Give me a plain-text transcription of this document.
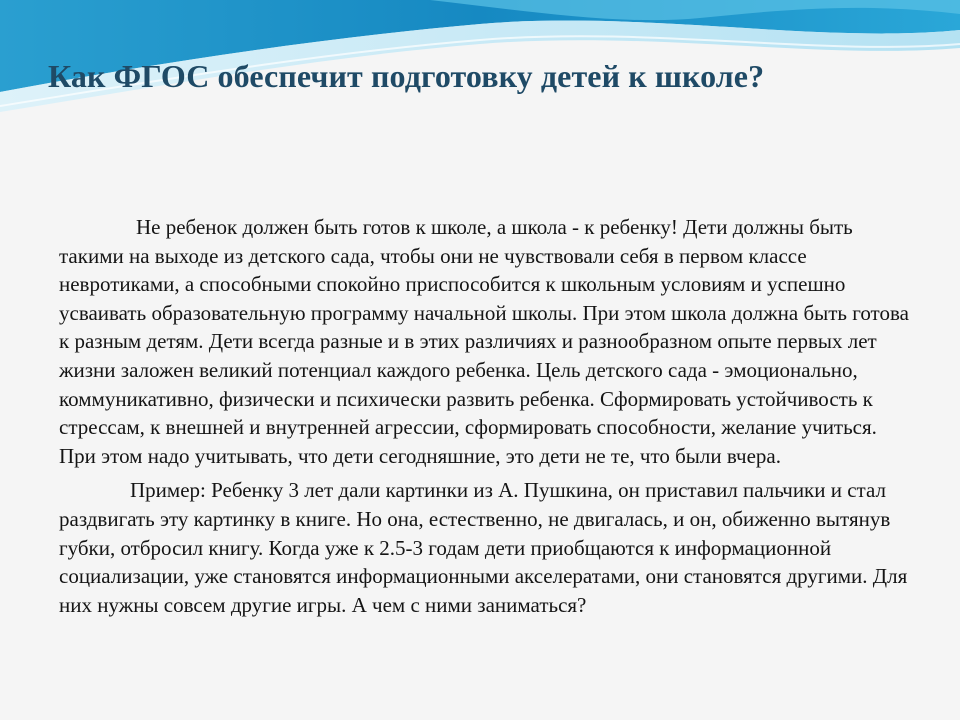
Как ФГОС обеспечит подготовку детей к школе?

Не ребенок должен быть готов к школе, а школа - к ребенку! Дети должны быть такими на выходе из детского сада, чтобы они не чувствовали себя в первом классе невротиками, а способными спокойно приспособится к школьным условиям и успешно усваивать образовательную программу начальной школы. При этом школа должна быть готова к разным детям. Дети всегда разные и в этих различиях и разнообразном опыте первых лет жизни заложен великий потенциал каждого ребенка. Цель детского сада - эмоционально, коммуникативно, физически и психически развить ребенка. Сформировать устойчивость к стрессам, к внешней и внутренней агрессии, сформировать способности, желание учиться. При этом надо учитывать, что дети сегодняшние, это дети не те, что были вчера.

Пример: Ребенку 3 лет дали картинки из А. Пушкина, он приставил пальчики и стал раздвигать эту картинку в книге. Но она, естественно, не двигалась, и он, обиженно вытянув губки, отбросил книгу. Когда уже к 2.5-3 годам дети приобщаются к информационной социализации, уже становятся информационными акселератами, они становятся другими. Для них нужны совсем другие игры. А чем с ними заниматься?
